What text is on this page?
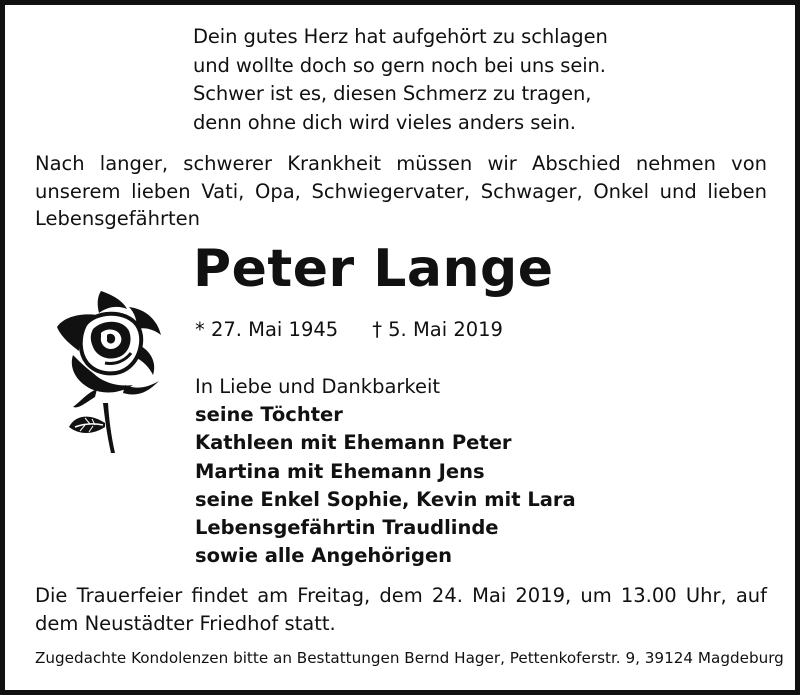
Dein gutes Herz hat aufgehört zu schlagen
und wollte doch so gern noch bei uns sein.
Schwer ist es, diesen Schmerz zu tragen,
denn ohne dich wird vieles anders sein.
Nach langer, schwerer Krankheit müssen wir Abschied nehmen von
unserem lieben Vati, Opa, Schwiegervater, Schwager, Onkel und lieben
Lebensgefährten
Peter Lange
* 27. Mai 1945 † 5. Mai 2019
In Liebe und Dankbarkeit
seine Töchter
Kathleen mit Ehemann Peter
Martina mit Ehemann Jens
seine Enkel Sophie, Kevin mit Lara
Lebensgefährtin Traudlinde
sowie alle Angehörigen
Die Trauerfeier findet am Freitag, dem 24. Mai 2019, um 13.00 Uhr, auf
dem Neustädter Friedhof statt.
Zugedachte Kondolenzen bitte an Bestattungen Bernd Hager, Pettenkoferstr. 9, 39124 Magdeburg
